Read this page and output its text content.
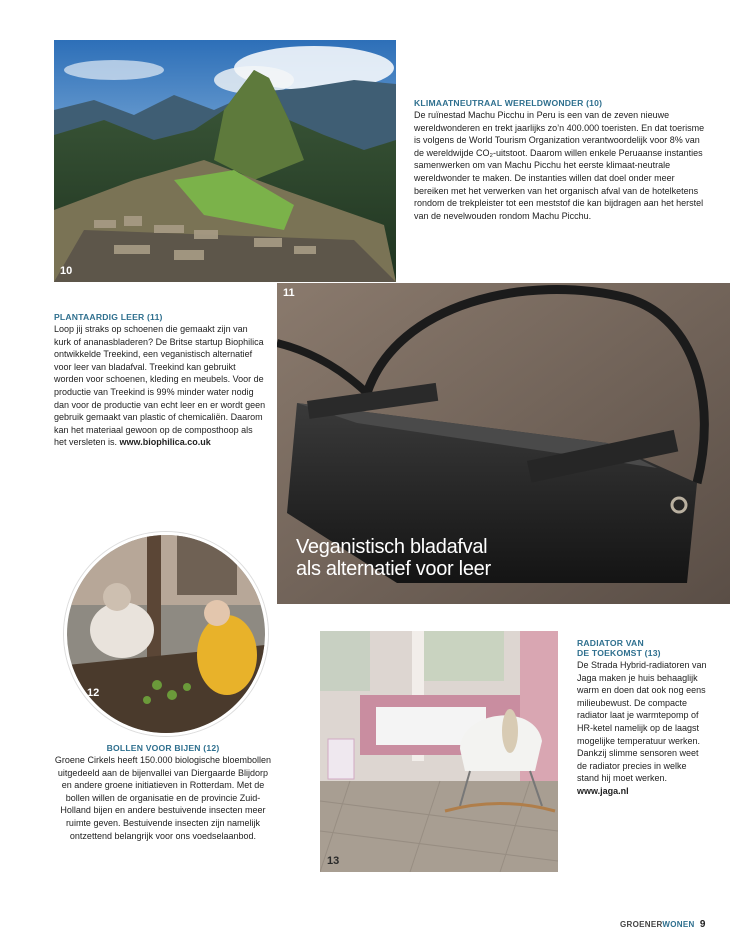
10
KLIMAATNEUTRAAL WERELDWONDER (10)
De ruïnestad Machu Picchu in Peru is een van de zeven nieuwe wereldwonderen en trekt jaarlijks zo’n 400.000 toeristen. En dat toerisme is volgens de World Tourism Organization verantwoordelijk voor 8% van de wereldwijde CO₂-uitstoot. Daarom willen enkele Peruaanse instanties samenwerken om van Machu Picchu het eerste klimaat-neutrale wereldwonder te maken. De instanties willen dat doel onder meer bereiken met het verwerken van het organisch afval van de hotelketens rondom de trekpleister tot een meststof die kan bijdragen aan het herstel van de nevelwouden rondom Machu Picchu.
11
Veganistisch bladafval
als alternatief voor leer
PLANTAARDIG LEER (11)
Loop jij straks op schoenen die gemaakt zijn van kurk of ananasbladeren? De Britse startup Biophilica ontwikkelde Treekind, een veganistisch alternatief voor leer van bladafval. Treekind kan gebruikt worden voor schoenen, kleding en meubels. Voor de productie van Treekind is 99% minder water nodig dan voor de productie van echt leer en er wordt geen gebruik gemaakt van plastic of chemicaliën. Daarom kan het materiaal gewoon op de composthoop als het versleten is. www.biophilica.co.uk
12
BOLLEN VOOR BIJEN (12)
Groene Cirkels heeft 150.000 biologische bloembollen uitgedeeld aan de bijenvallei van Diergaarde Blijdorp en andere groene initiatieven in Rotterdam. Met de bollen willen de organisatie en de provincie Zuid-Holland bijen en andere bestuivende insecten meer ruimte geven. Bestuivende insecten zijn namelijk ontzettend belangrijk voor ons voedselaanbod.
13
RADIATOR VAN
DE TOEKOMST (13)
De Strada Hybrid-radiatoren van Jaga maken je huis behaaglijk warm en doen dat ook nog eens milieubewust. De compacte radiator laat je warmtepomp of HR-ketel namelijk op de laagst mogelijke temperatuur werken. Dankzij slimme sensoren weet de radiator precies in welke stand hij moet werken. www.jaga.nl
GROENERWONEN 9
